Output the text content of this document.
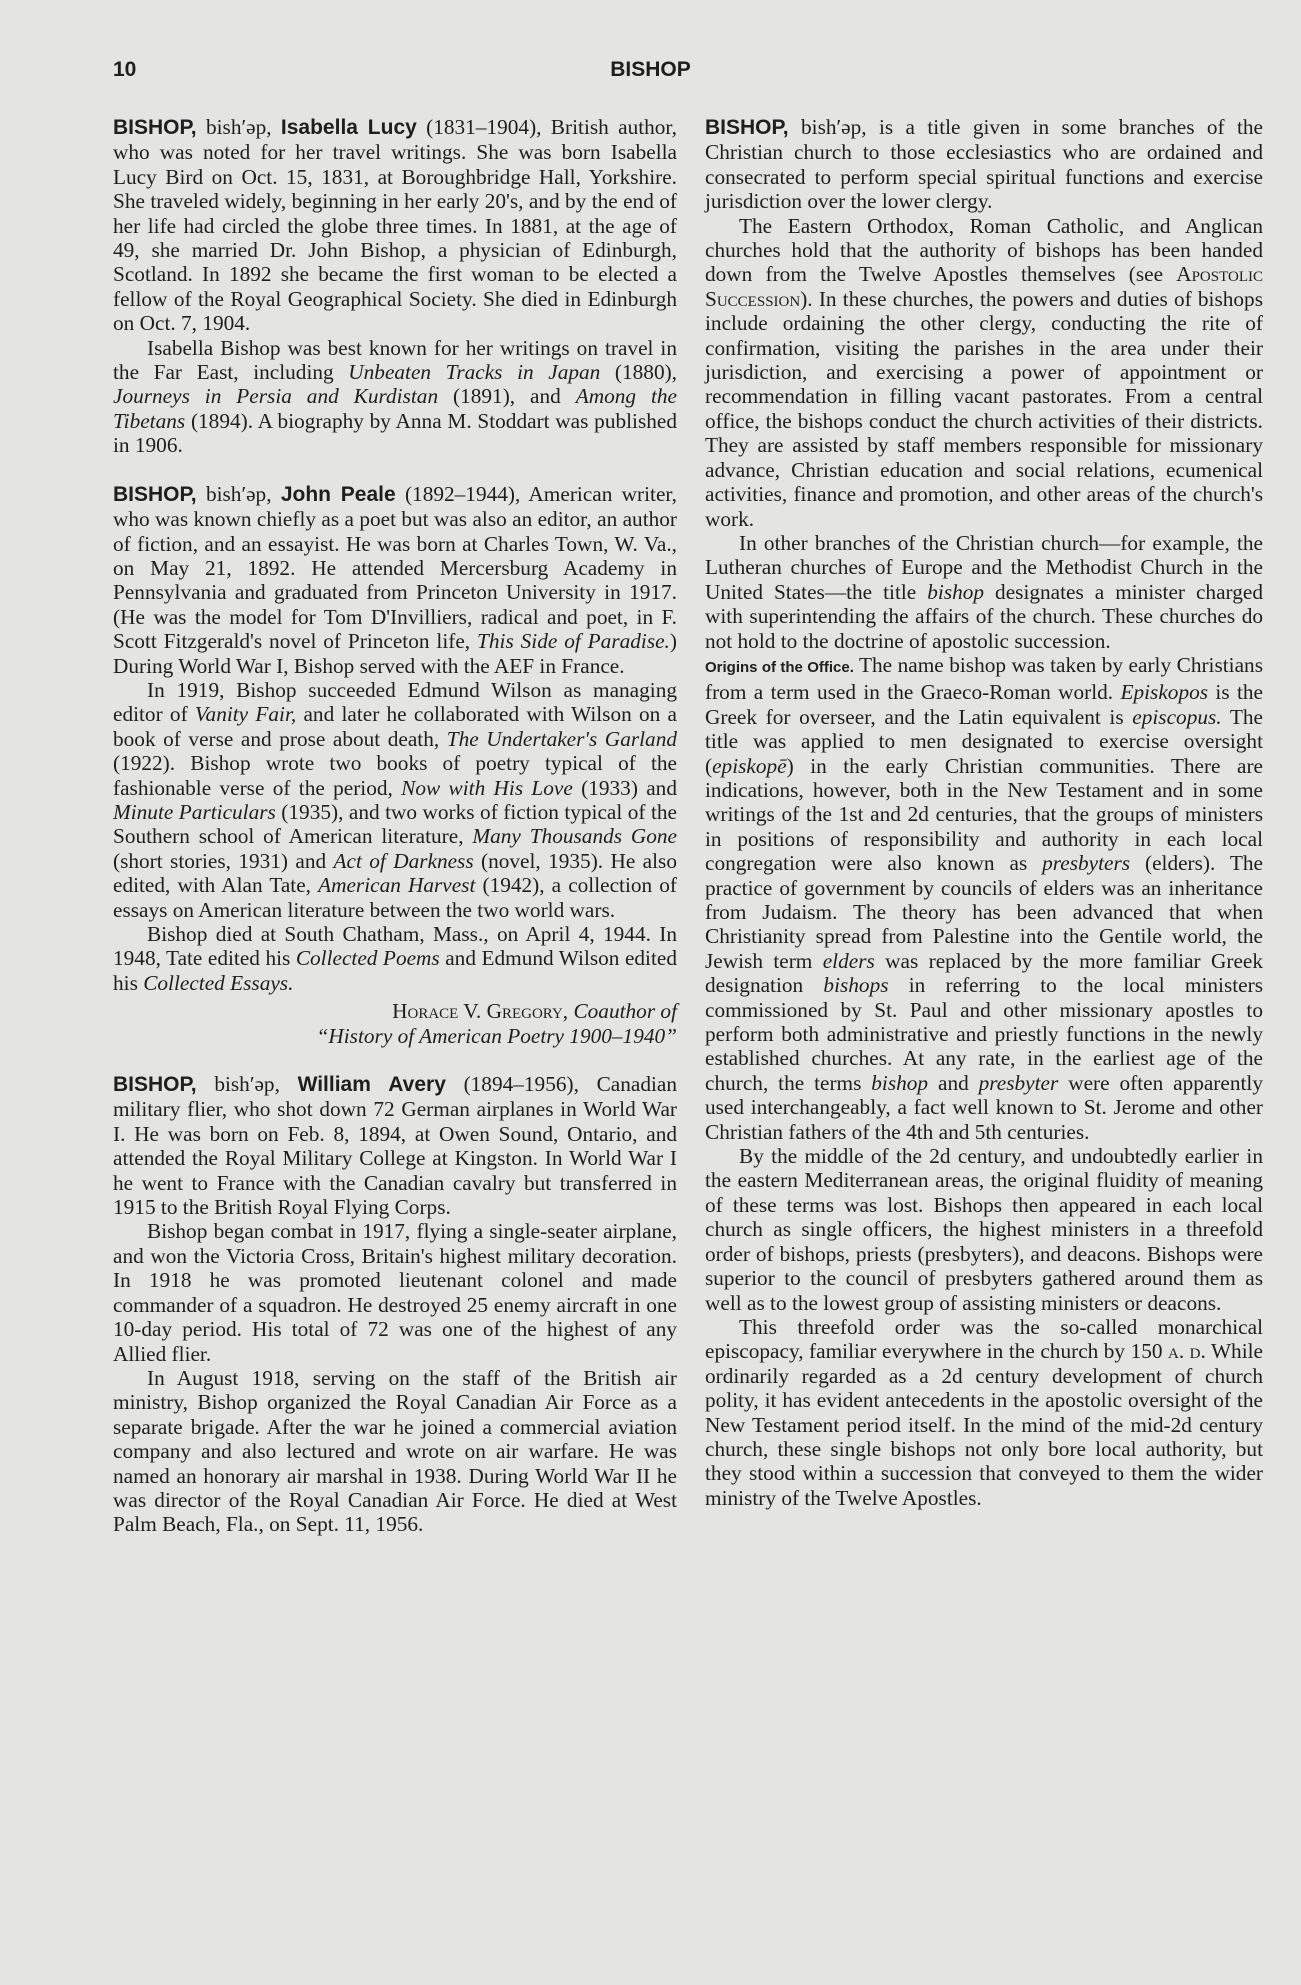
10	BISHOP

BISHOP, bish′əp, Isabella Lucy (1831–1904), British author, who was noted for her travel writings. She was born Isabella Lucy Bird on Oct. 15, 1831, at Boroughbridge Hall, Yorkshire. She traveled widely, beginning in her early 20's, and by the end of her life had circled the globe three times. In 1881, at the age of 49, she married Dr. John Bishop, a physician of Edinburgh, Scotland. In 1892 she became the first woman to be elected a fellow of the Royal Geographical Society. She died in Edinburgh on Oct. 7, 1904.

Isabella Bishop was best known for her writings on travel in the Far East, including Unbeaten Tracks in Japan (1880), Journeys in Persia and Kurdistan (1891), and Among the Tibetans (1894). A biography by Anna M. Stoddart was published in 1906.

BISHOP, bish′əp, John Peale (1892–1944), American writer, who was known chiefly as a poet but was also an editor, an author of fiction, and an essayist. He was born at Charles Town, W. Va., on May 21, 1892. He attended Mercersburg Academy in Pennsylvania and graduated from Princeton University in 1917. (He was the model for Tom D'Invilliers, radical and poet, in F. Scott Fitzgerald's novel of Princeton life, This Side of Paradise.) During World War I, Bishop served with the AEF in France.

In 1919, Bishop succeeded Edmund Wilson as managing editor of Vanity Fair, and later he collaborated with Wilson on a book of verse and prose about death, The Undertaker's Garland (1922). Bishop wrote two books of poetry typical of the fashionable verse of the period, Now with His Love (1933) and Minute Particulars (1935), and two works of fiction typical of the Southern school of American literature, Many Thousands Gone (short stories, 1931) and Act of Darkness (novel, 1935). He also edited, with Alan Tate, American Harvest (1942), a collection of essays on American literature between the two world wars.

Bishop died at South Chatham, Mass., on April 4, 1944. In 1948, Tate edited his Collected Poems and Edmund Wilson edited his Collected Essays.

Horace V. Gregory, Coauthor of
“History of American Poetry 1900–1940”

BISHOP, bish′əp, William Avery (1894–1956), Canadian military flier, who shot down 72 German airplanes in World War I. He was born on Feb. 8, 1894, at Owen Sound, Ontario, and attended the Royal Military College at Kingston. In World War I he went to France with the Canadian cavalry but transferred in 1915 to the British Royal Flying Corps.

Bishop began combat in 1917, flying a single-seater airplane, and won the Victoria Cross, Britain's highest military decoration. In 1918 he was promoted lieutenant colonel and made commander of a squadron. He destroyed 25 enemy aircraft in one 10-day period. His total of 72 was one of the highest of any Allied flier.

In August 1918, serving on the staff of the British air ministry, Bishop organized the Royal Canadian Air Force as a separate brigade. After the war he joined a commercial aviation company and also lectured and wrote on air warfare. He was named an honorary air marshal in 1938. During World War II he was director of the Royal Canadian Air Force. He died at West Palm Beach, Fla., on Sept. 11, 1956.

BISHOP, bish′əp, is a title given in some branches of the Christian church to those ecclesiastics who are ordained and consecrated to perform special spiritual functions and exercise jurisdiction over the lower clergy.

The Eastern Orthodox, Roman Catholic, and Anglican churches hold that the authority of bishops has been handed down from the Twelve Apostles themselves (see Apostolic Succession). In these churches, the powers and duties of bishops include ordaining the other clergy, conducting the rite of confirmation, visiting the parishes in the area under their jurisdiction, and exercising a power of appointment or recommendation in filling vacant pastorates. From a central office, the bishops conduct the church activities of their districts. They are assisted by staff members responsible for missionary advance, Christian education and social relations, ecumenical activities, finance and promotion, and other areas of the church's work.

In other branches of the Christian church—for example, the Lutheran churches of Europe and the Methodist Church in the United States—the title bishop designates a minister charged with superintending the affairs of the church. These churches do not hold to the doctrine of apostolic succession.

Origins of the Office. The name bishop was taken by early Christians from a term used in the Graeco-Roman world. Episkopos is the Greek for overseer, and the Latin equivalent is episcopus. The title was applied to men designated to exercise oversight (episkopē) in the early Christian communities. There are indications, however, both in the New Testament and in some writings of the 1st and 2d centuries, that the groups of ministers in positions of responsibility and authority in each local congregation were also known as presbyters (elders). The practice of government by councils of elders was an inheritance from Judaism. The theory has been advanced that when Christianity spread from Palestine into the Gentile world, the Jewish term elders was replaced by the more familiar Greek designation bishops in referring to the local ministers commissioned by St. Paul and other missionary apostles to perform both administrative and priestly functions in the newly established churches. At any rate, in the earliest age of the church, the terms bishop and presbyter were often apparently used interchangeably, a fact well known to St. Jerome and other Christian fathers of the 4th and 5th centuries.

By the middle of the 2d century, and undoubtedly earlier in the eastern Mediterranean areas, the original fluidity of meaning of these terms was lost. Bishops then appeared in each local church as single officers, the highest ministers in a threefold order of bishops, priests (presbyters), and deacons. Bishops were superior to the council of presbyters gathered around them as well as to the lowest group of assisting ministers or deacons.

This threefold order was the so-called monarchical episcopacy, familiar everywhere in the church by 150 a. d. While ordinarily regarded as a 2d century development of church polity, it has evident antecedents in the apostolic oversight of the New Testament period itself. In the mind of the mid-2d century church, these single bishops not only bore local authority, but they stood within a succession that conveyed to them the wider ministry of the Twelve Apostles.
